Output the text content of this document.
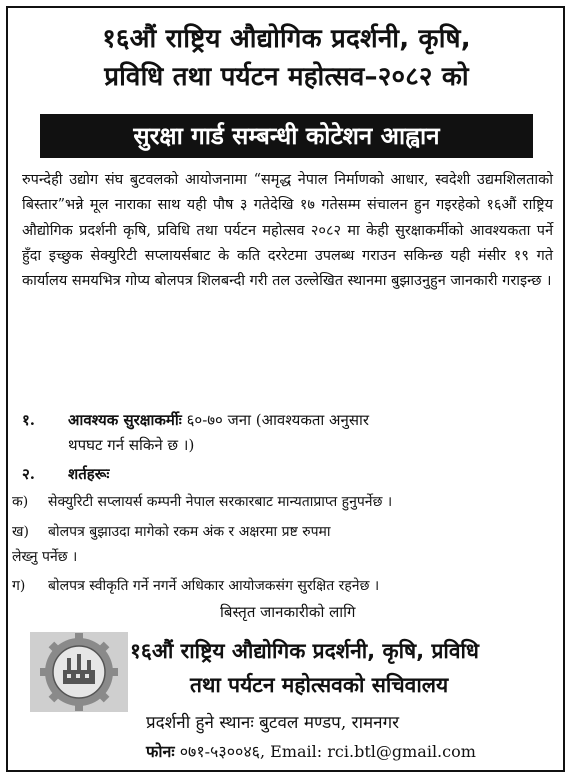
१६औं राष्ट्रिय औद्योगिक प्रदर्शनी, कृषि,
प्रविधि तथा पर्यटन महोत्सव–२०८२ को
सुरक्षा गार्ड सम्बन्धी कोटेशन आह्वान
रुपन्देही उद्योग संघ बुटवलको आयोजनामा “समृद्ध नेपाल निर्माणको आधार, स्वदेशी उद्यमशिलताको बिस्तार”भन्ने मूल नाराका साथ यही पौष ३ गतेदेखि १७ गतेसम्म संचालन हुन गइरहेको १६औं राष्ट्रिय औद्योगिक प्रदर्शनी कृषि, प्रविधि तथा पर्यटन महोत्सव २०८२ मा केही सुरक्षाकर्मीको आवश्यकता पर्ने हुँदा इच्छुक सेक्युरिटी सप्लायर्सबाट के कति दररेटमा उपलब्ध गराउन सकिन्छ यही मंसीर १९ गते कार्यालय समयभित्र गोप्य बोलपत्र शिलबन्दी गरी तल उल्लेखित स्थानमा बुझाउनुहुन जानकारी गराइन्छ ।
१. आवश्यक सुरक्षाकर्मीः ६०-७० जना (आवश्यकता अनुसार
थपघट गर्न सकिने छ ।)
२. शर्तहरूः
क) सेक्युरिटी सप्लायर्स कम्पनी नेपाल सरकारबाट मान्यताप्राप्त हुनुपर्नेछ ।
ख) बोलपत्र बुझाउदा मागेको रकम अंक र अक्षरमा प्रष्ट रुपमा
लेख्नु पर्नेछ ।
ग) बोलपत्र स्वीकृति गर्ने नगर्ने अधिकार आयोजकसंग सुरक्षित रहनेछ ।
बिस्तृत जानकारीको लागि
१६औं राष्ट्रिय औद्योगिक प्रदर्शनी, कृषि, प्रविधि
तथा पर्यटन महोत्सवको सचिवालय
प्रदर्शनी हुने स्थानः बुटवल मण्डप, रामनगर
फोनः ०७१-५३००४६, Email: rci.btl@gmail.com
